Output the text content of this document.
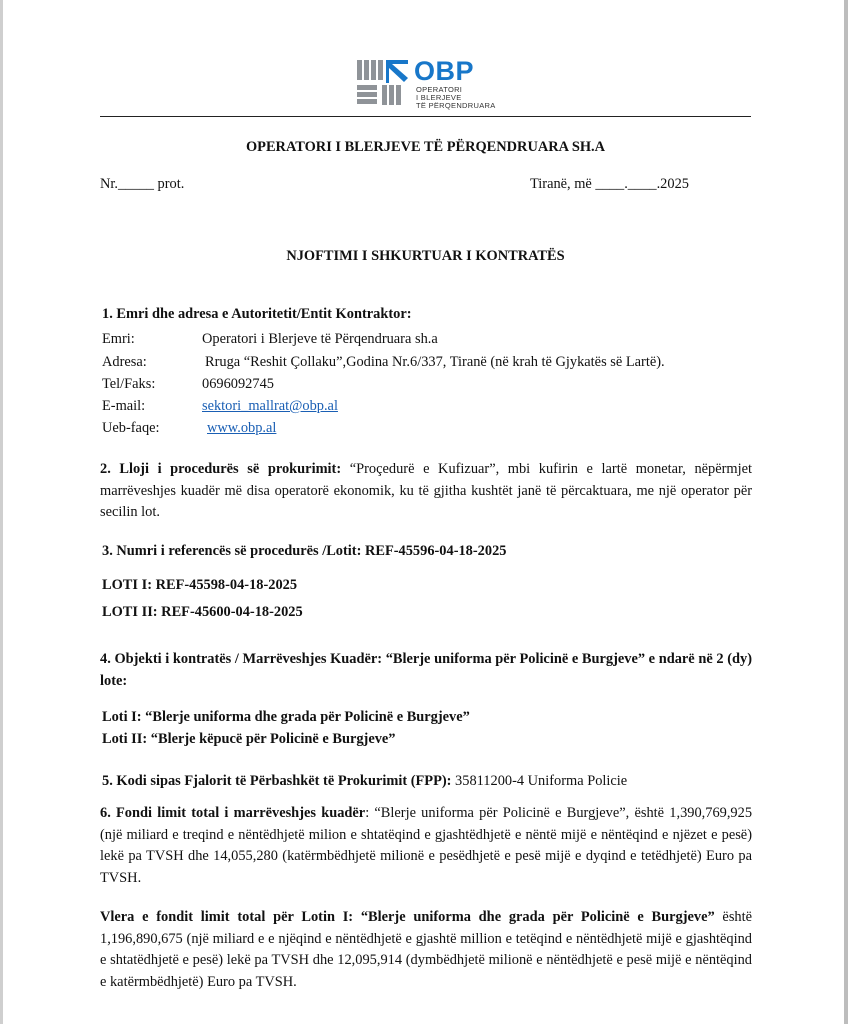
OBP
OPERATORI
I BLERJEVE
TË PËRQENDRUARA
OPERATORI I BLERJEVE TË PËRQENDRUARA SH.A
Nr._____ prot.	Tiranë, më ____.____.2025
NJOFTIMI I SHKURTUAR I KONTRATËS
1. Emri dhe adresa e Autoritetit/Entit Kontraktor:
Emri:	Operatori i Blerjeve të Përqendruara sh.a
Adresa:	Rruga “Reshit Çollaku”,Godina Nr.6/337, Tiranë (në krah të Gjykatës së Lartë).
Tel/Faks:	0696092745
E-mail:	sektori_mallrat@obp.al
Ueb-faqe:	www.obp.al
2. Lloji i procedurës së prokurimit: “Proçedurë e Kufizuar”, mbi kufirin e lartë monetar, nëpërmjet marrëveshjes kuadër më disa operatorë ekonomik, ku të gjitha kushtët janë të përcaktuara, me një operator për secilin lot.
3. Numri i referencës së procedurës /Lotit: REF-45596-04-18-2025
LOTI I: REF-45598-04-18-2025
LOTI II: REF-45600-04-18-2025
4. Objekti i kontratës / Marrëveshjes Kuadër: “Blerje uniforma për Policinë e Burgjeve” e ndarë në 2 (dy) lote:
Loti I: “Blerje uniforma dhe grada për Policinë e Burgjeve”
Loti II: “Blerje këpucë për Policinë e Burgjeve”
5. Kodi sipas Fjalorit të Përbashkët të Prokurimit (FPP): 35811200-4 Uniforma Policie
6. Fondi limit total i marrëveshjes kuadër: “Blerje uniforma për Policinë e Burgjeve”, është 1,390,769,925 (një miliard e treqind e nëntëdhjetë milion e shtatëqind e gjashtëdhjetë e nëntë mijë e nëntëqind e njëzet e pesë) lekë pa TVSH dhe 14,055,280 (katërmbëdhjetë milionë e pesëdhjetë e pesë mijë e dyqind e tetëdhjetë) Euro pa TVSH.
Vlera e fondit limit total për Lotin I: “Blerje uniforma dhe grada për Policinë e Burgjeve” është 1,196,890,675 (një miliard e e njëqind e nëntëdhjetë e gjashtë million e tetëqind e nëntëdhjetë mijë e gjashtëqind e shtatëdhjetë e pesë) lekë pa TVSH dhe 12,095,914 (dymbëdhjetë milionë e nëntëdhjetë e pesë mijë e nëntëqind e katërmbëdhjetë) Euro pa TVSH.
